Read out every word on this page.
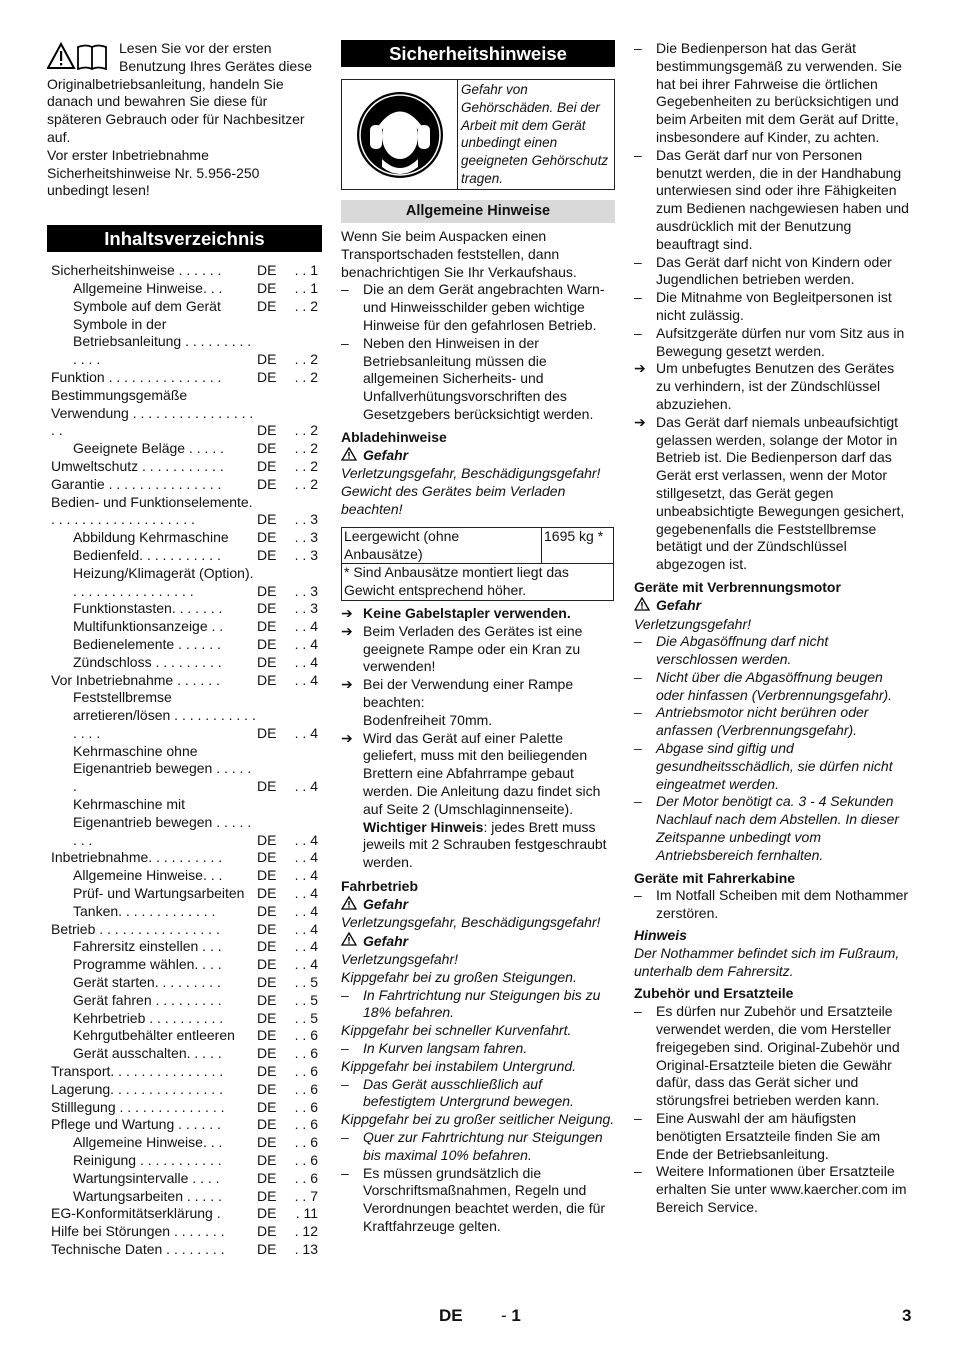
Lesen Sie vor der ersten Benutzung Ihres Gerätes diese Originalbetriebsanleitung, handeln Sie danach und bewahren Sie diese für späteren Gebrauch oder für Nachbesitzer auf.

Vor erster Inbetriebnahme Sicherheitshinweise Nr. 5.956-250 unbedingt lesen!

Inhaltsverzeichnis
Sicherheitshinweise . . . . . .	DE	. . 1
Allgemeine Hinweise. . .	DE	. . 1
Symbole auf dem Gerät	DE	. . 2
Symbole in der Betriebsanleitung . . . . . . . . . . . . .	DE	. . 2
Funktion . . . . . . . . . . . . . . .	DE	. . 2
Bestimmungsgemäße Verwendung . . . . . . . . . . . . . . . . . .	DE	. . 2
Geeignete Beläge . . . . .	DE	. . 2
Umweltschutz . . . . . . . . . . .	DE	. . 2
Garantie . . . . . . . . . . . . . . .	DE	. . 2
Bedien- und Funktionselemente. . . . . . . . . . . . . . . . . . . .	DE	. . 3
Abbildung Kehrmaschine	DE	. . 3
Bedienfeld. . . . . . . . . . .	DE	. . 3
Heizung/Klimagerät (Option). . . . . . . . . . . . . . . . .	DE	. . 3
Funktionstasten. . . . . . .	DE	. . 3
Multifunktionsanzeige . .	DE	. . 4
Bedienelemente . . . . . .	DE	. . 4
Zündschloss . . . . . . . . .	DE	. . 4
Vor Inbetriebnahme . . . . . .	DE	. . 4
Feststellbremse arretieren/lösen . . . . . . . . . . . . . . .	DE	. . 4
Kehrmaschine ohne Eigenantrieb bewegen . . . . . .	DE	. . 4
Kehrmaschine mit Eigenantrieb bewegen . . . . . . . .	DE	. . 4
Inbetriebnahme. . . . . . . . . .	DE	. . 4
Allgemeine Hinweise. . .	DE	. . 4
Prüf- und Wartungsarbeiten DE	. . 4
Tanken. . . . . . . . . . . . .	DE	. . 4
Betrieb . . . . . . . . . . . . . . . .	DE	. . 4
Fahrersitz einstellen . . .	DE	. . 4
Programme wählen. . . .	DE	. . 4
Gerät starten. . . . . . . . .	DE	. . 5
Gerät fahren . . . . . . . . .	DE	. . 5
Kehrbetrieb . . . . . . . . . .	DE	. . 5
Kehrgutbehälter entleeren	DE	. . 6
Gerät ausschalten. . . . .	DE	. . 6
Transport. . . . . . . . . . . . . . .	DE	. . 6
Lagerung. . . . . . . . . . . . . . .	DE	. . 6
Stilllegung . . . . . . . . . . . . . .	DE	. . 6
Pflege und Wartung . . . . . .	DE	. . 6
Allgemeine Hinweise. . .	DE	. . 6
Reinigung . . . . . . . . . . .	DE	. . 6
Wartungsintervalle . . . .	DE	. . 6
Wartungsarbeiten . . . . .	DE	. . 7
EG-Konformitätserklärung .	DE	. 11
Hilfe bei Störungen . . . . . . .	DE	. 12
Technische Daten . . . . . . . .	DE	. 13
Sicherheitshinweise
Gefahr von Gehörschäden. Bei der Arbeit mit dem Gerät unbedingt einen geeigneten Gehörschutz tragen.
Allgemeine Hinweise

Wenn Sie beim Auspacken einen Transportschaden feststellen, dann benachrichtigen Sie Ihr Verkaufshaus.

–	Die an dem Gerät angebrachten Warn- und Hinweisschilder geben wichtige Hinweise für den gefahrlosen Betrieb.
–	Neben den Hinweisen in der Betriebsanleitung müssen die allgemeinen Sicherheits- und Unfallverhütungsvorschriften des Gesetzgebers berücksichtigt werden.
Abladehinweise
Gefahr

Verletzungsgefahr, Beschädigungsgefahr! Gewicht des Gerätes beim Verladen beachten!

Leergewicht (ohne Anbausätze)	1695 kg *
* Sind Anbausätze montiert liegt das Gewicht entsprechend höher.
➔ Keine Gabelstapler verwenden.
➔ Beim Verladen des Gerätes ist eine geeignete Rampe oder ein Kran zu verwenden!
➔ Bei der Verwendung einer Rampe beachten:
Bodenfreiheit 70mm.
➔ Wird das Gerät auf einer Palette geliefert, muss mit den beiliegenden Brettern eine Abfahrrampe gebaut werden. Die Anleitung dazu findet sich auf Seite 2 (Umschlaginnenseite).
Wichtiger Hinweis: jedes Brett muss jeweils mit 2 Schrauben festgeschraubt werden.
Fahrbetrieb
Gefahr

Verletzungsgefahr, Beschädigungsgefahr!

Gefahr

Verletzungsgefahr!

Kippgefahr bei zu großen Steigungen.

–	In Fahrtrichtung nur Steigungen bis zu 18% befahren.

Kippgefahr bei schneller Kurvenfahrt.

–	In Kurven langsam fahren.

Kippgefahr bei instabilem Untergrund.

–	Das Gerät ausschließlich auf befestigtem Untergrund bewegen.

Kippgefahr bei zu großer seitlicher Neigung.

–	Quer zur Fahrtrichtung nur Steigungen bis maximal 10% befahren.
–	Es müssen grundsätzlich die Vorschriftsmaßnahmen, Regeln und Verordnungen beachtet werden, die für Kraftfahrzeuge gelten.
–	Die Bedienperson hat das Gerät bestimmungsgemäß zu verwenden. Sie hat bei ihrer Fahrweise die örtlichen Gegebenheiten zu berücksichtigen und beim Arbeiten mit dem Gerät auf Dritte, insbesondere auf Kinder, zu achten.
–	Das Gerät darf nur von Personen benutzt werden, die in der Handhabung unterwiesen sind oder ihre Fähigkeiten zum Bedienen nachgewiesen haben und ausdrücklich mit der Benutzung beauftragt sind.
–	Das Gerät darf nicht von Kindern oder Jugendlichen betrieben werden.
–	Die Mitnahme von Begleitpersonen ist nicht zulässig.
–	Aufsitzgeräte dürfen nur vom Sitz aus in Bewegung gesetzt werden.
➔ Um unbefugtes Benutzen des Gerätes zu verhindern, ist der Zündschlüssel abzuziehen.
➔ Das Gerät darf niemals unbeaufsichtigt gelassen werden, solange der Motor in Betrieb ist. Die Bedienperson darf das Gerät erst verlassen, wenn der Motor stillgesetzt, das Gerät gegen unbeabsichtigte Bewegungen gesichert, gegebenenfalls die Feststellbremse betätigt und der Zündschlüssel abgezogen ist.
Geräte mit Verbrennungsmotor
Gefahr

Verletzungsgefahr!

–	Die Abgasöffnung darf nicht verschlossen werden.
–	Nicht über die Abgasöffnung beugen oder hinfassen (Verbrennungsgefahr).
–	Antriebsmotor nicht berühren oder anfassen (Verbrennungsgefahr).
–	Abgase sind giftig und gesundheitsschädlich, sie dürfen nicht eingeatmet werden.
–	Der Motor benötigt ca. 3 - 4 Sekunden Nachlauf nach dem Abstellen. In dieser Zeitspanne unbedingt vom Antriebsbereich fernhalten.
Geräte mit Fahrerkabine
–	Im Notfall Scheiben mit dem Nothammer zerstören.

Hinweis

Der Nothammer befindet sich im Fußraum, unterhalb dem Fahrersitz.

Zubehör und Ersatzteile
–	Es dürfen nur Zubehör und Ersatzteile verwendet werden, die vom Hersteller freigegeben sind. Original-Zubehör und Original-Ersatzteile bieten die Gewähr dafür, dass das Gerät sicher und störungsfrei betrieben werden kann.
–	Eine Auswahl der am häufigsten benötigten Ersatzteile finden Sie am Ende der Betriebsanleitung.
–	Weitere Informationen über Ersatzteile erhalten Sie unter www.kaercher.com im Bereich Service.
DE - 1	3
